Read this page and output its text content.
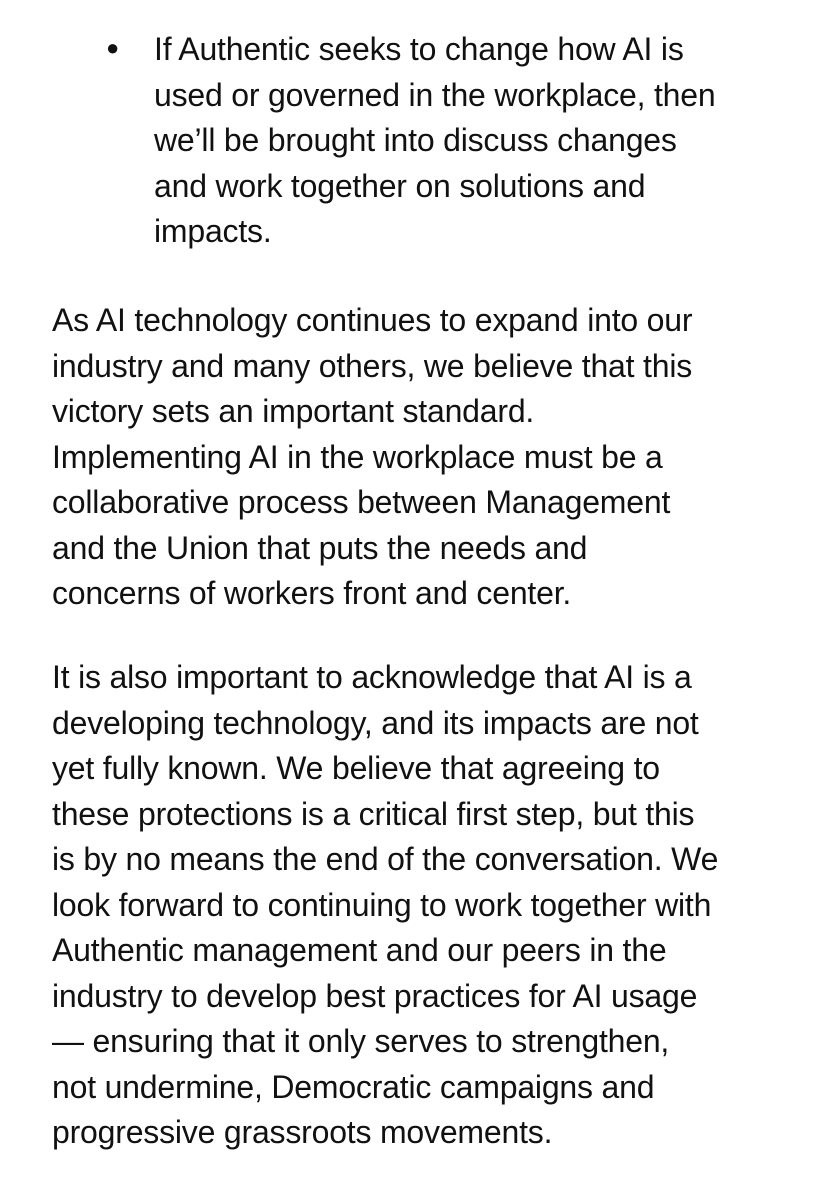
● If Authentic seeks to change how AI is
used or governed in the workplace, then
we’ll be brought into discuss changes
and work together on solutions and
impacts.

As AI technology continues to expand into our
industry and many others, we believe that this
victory sets an important standard.
Implementing AI in the workplace must be a
collaborative process between Management
and the Union that puts the needs and
concerns of workers front and center.

It is also important to acknowledge that AI is a
developing technology, and its impacts are not
yet fully known. We believe that agreeing to
these protections is a critical first step, but this
is by no means the end of the conversation. We
look forward to continuing to work together with
Authentic management and our peers in the
industry to develop best practices for AI usage
— ensuring that it only serves to strengthen,
not undermine, Democratic campaigns and
progressive grassroots movements.
